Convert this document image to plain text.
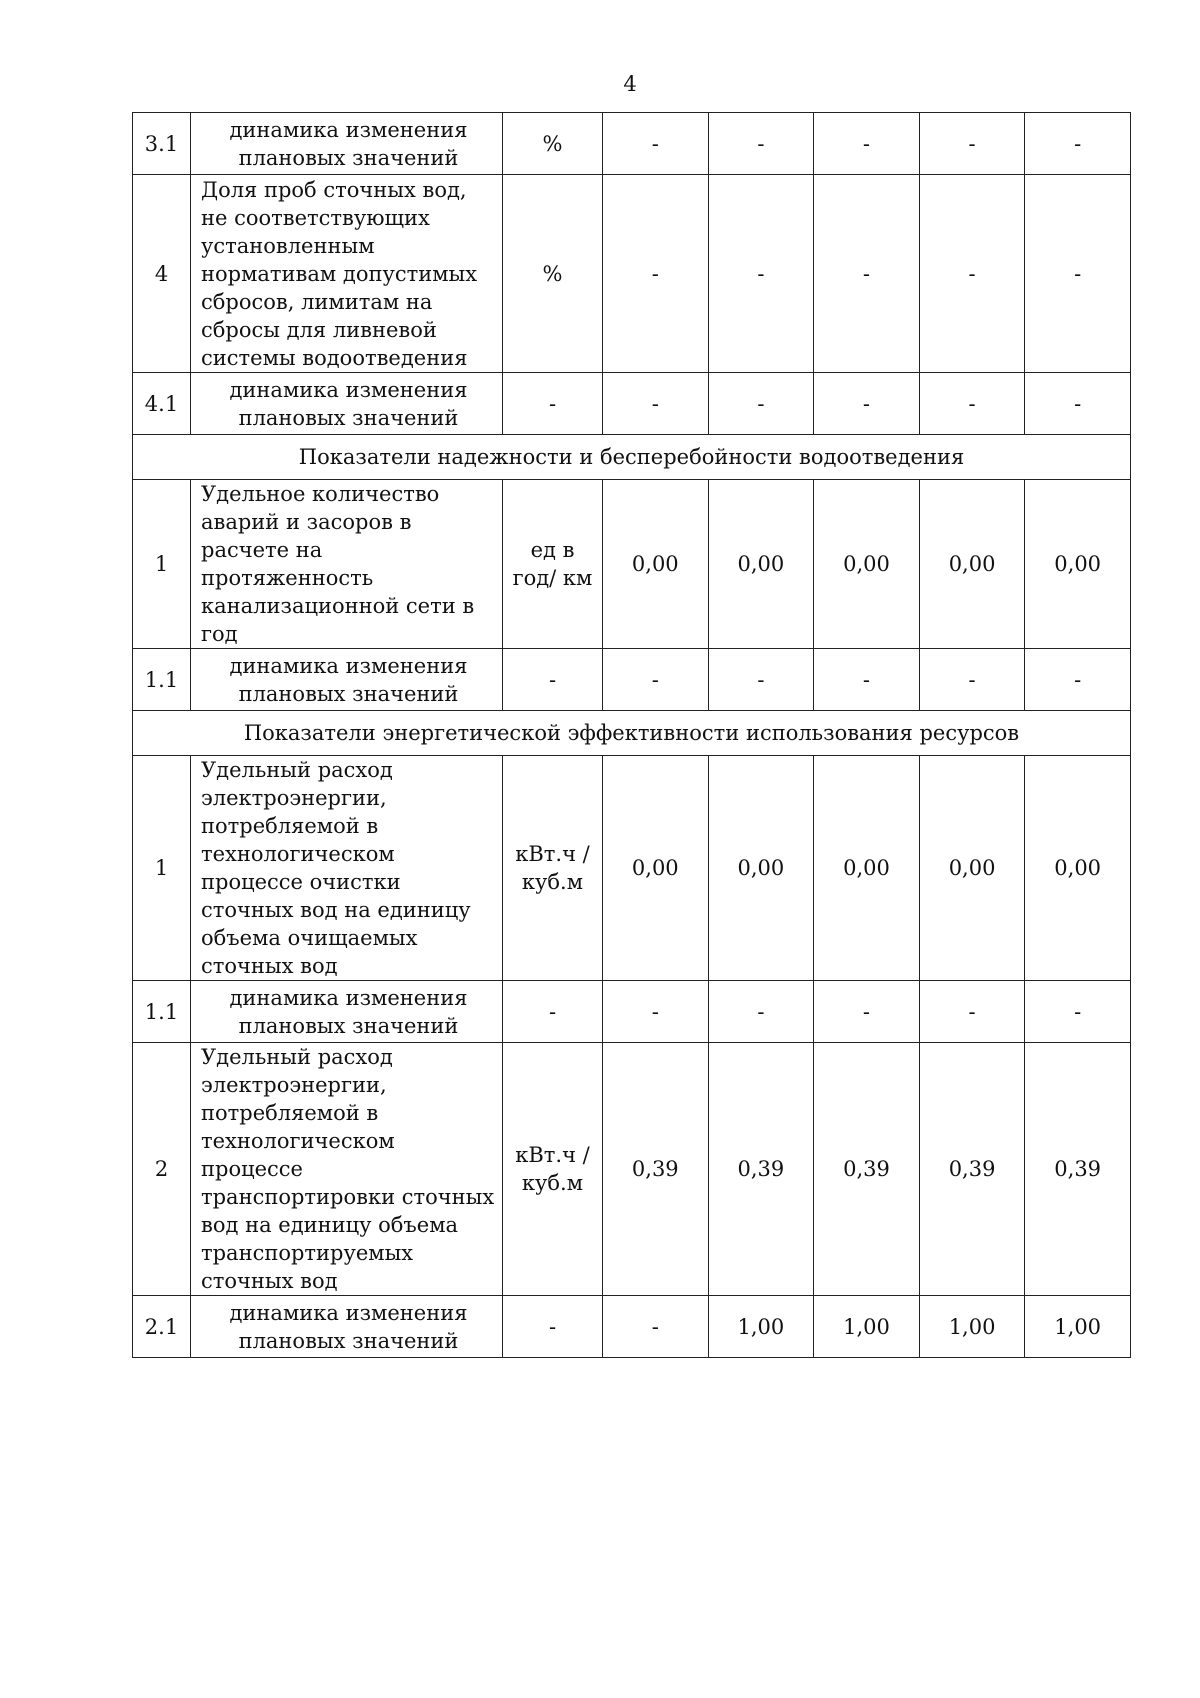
4
3.1	динамика изменения плановых значений	%	-	-	-	-	-
4	Доля проб сточных вод, не соответствующих установленным нормативам допустимых сбросов, лимитам на сбросы для ливневой системы водоотведения	%	-	-	-	-	-
4.1	динамика изменения плановых значений	-	-	-	-	-	-
Показатели надежности и бесперебойности водоотведения							
1	Удельное количество аварий и засоров в расчете на протяженность канализационной сети в год	ед в год/ км	0,00	0,00	0,00	0,00	0,00
1.1	динамика изменения плановых значений	-	-	-	-	-	-
Показатели энергетической эффективности использования ресурсов							
1	Удельный расход электроэнергии, потребляемой в технологическом процессе очистки сточных вод на единицу объема очищаемых сточных вод	кВт.ч / куб.м	0,00	0,00	0,00	0,00	0,00
1.1	динамика изменения плановых значений	-	-	-	-	-	-
2	Удельный расход электроэнергии, потребляемой в технологическом процессе транспортировки сточных вод на единицу объема транспортируемых сточных вод	кВт.ч / куб.м	0,39	0,39	0,39	0,39	0,39
2.1	динамика изменения плановых значений	-	-	1,00	1,00	1,00	1,00
